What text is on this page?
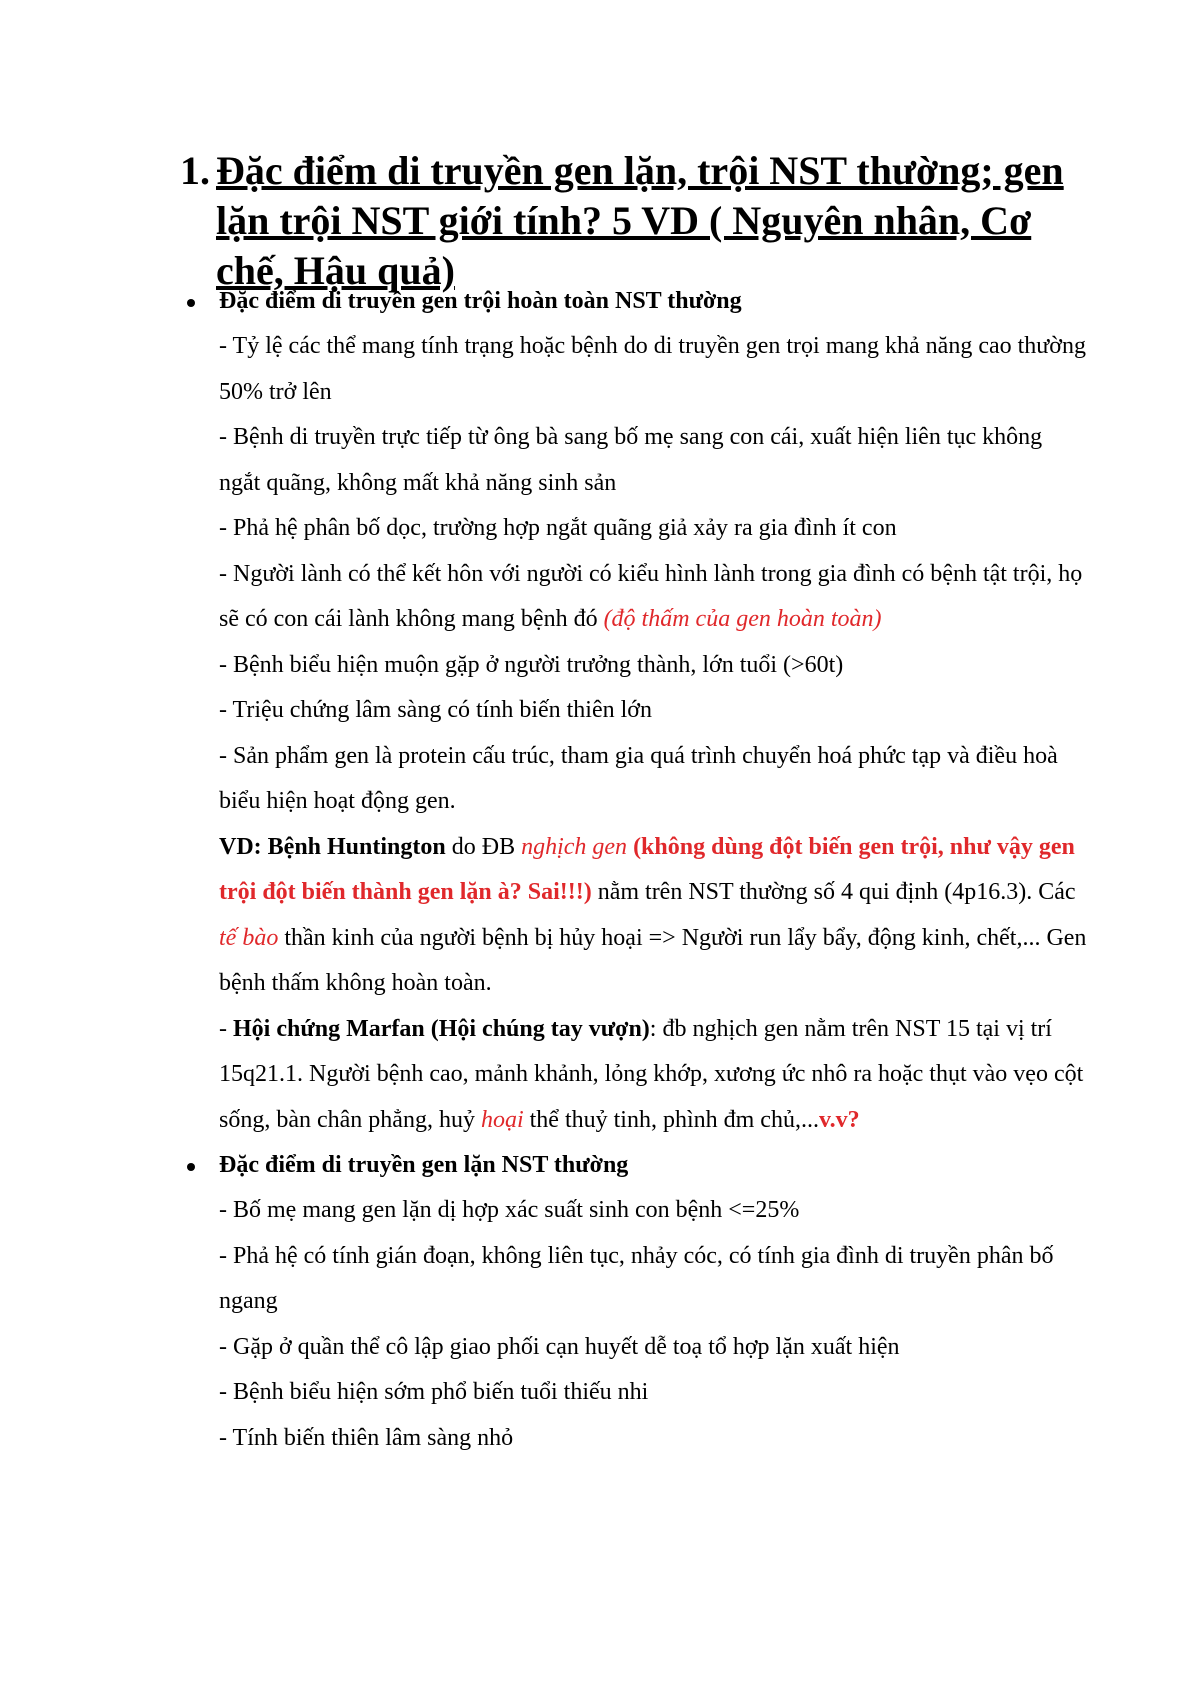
1. Đặc điểm di truyền gen lặn, trội NST thường; gen lặn trội NST giới tính? 5 VD ( Nguyên nhân, Cơ chế, Hậu quả)
Đặc điểm di truyền gen trội hoàn toàn NST thường

- Tỷ lệ các thể mang tính trạng hoặc bệnh do di truyền gen trọi mang khả năng cao thường 50% trở lên

- Bệnh di truyền trực tiếp từ ông bà sang bố mẹ sang con cái, xuất hiện liên tục không ngắt quãng, không mất khả năng sinh sản

- Phả hệ phân bố dọc, trường hợp ngắt quãng giả xảy ra gia đình ít con

- Người lành có thể kết hôn với người có kiểu hình lành trong gia đình có bệnh tật trội, họ sẽ có con cái lành không mang bệnh đó (độ thấm của gen hoàn toàn)

- Bệnh biểu hiện muộn gặp ở người trưởng thành, lớn tuổi (>60t)

- Triệu chứng lâm sàng có tính biến thiên lớn

- Sản phẩm gen là protein cấu trúc, tham gia quá trình chuyển hoá phức tạp và điều hoà biểu hiện hoạt động gen.

VD: Bệnh Huntington do ĐB nghịch gen (không dùng đột biến gen trội, như vậy gen trội đột biến thành gen lặn à? Sai!!!) nằm trên NST thường số 4 qui định (4p16.3). Các tế bào thần kinh của người bệnh bị hủy hoại => Người run lẩy bẩy, động kinh, chết,... Gen bệnh thấm không hoàn toàn.

- Hội chứng Marfan (Hội chúng tay vượn): đb nghịch gen nằm trên NST 15 tại vị trí 15q21.1. Người bệnh cao, mảnh khảnh, lỏng khớp, xương ức nhô ra hoặc thụt vào vẹo cột sống, bàn chân phẳng, huỷ hoại thể thuỷ tinh, phình đm chủ,...v.v?

Đặc điểm di truyền gen lặn NST thường

- Bố mẹ mang gen lặn dị hợp xác suất sinh con bệnh <=25%

- Phả hệ có tính gián đoạn, không liên tục, nhảy cóc, có tính gia đình di truyền phân bố ngang

- Gặp ở quần thể cô lập giao phối cạn huyết dễ toạ tổ hợp lặn xuất hiện

- Bệnh biểu hiện sớm phổ biến tuổi thiếu nhi

- Tính biến thiên lâm sàng nhỏ
